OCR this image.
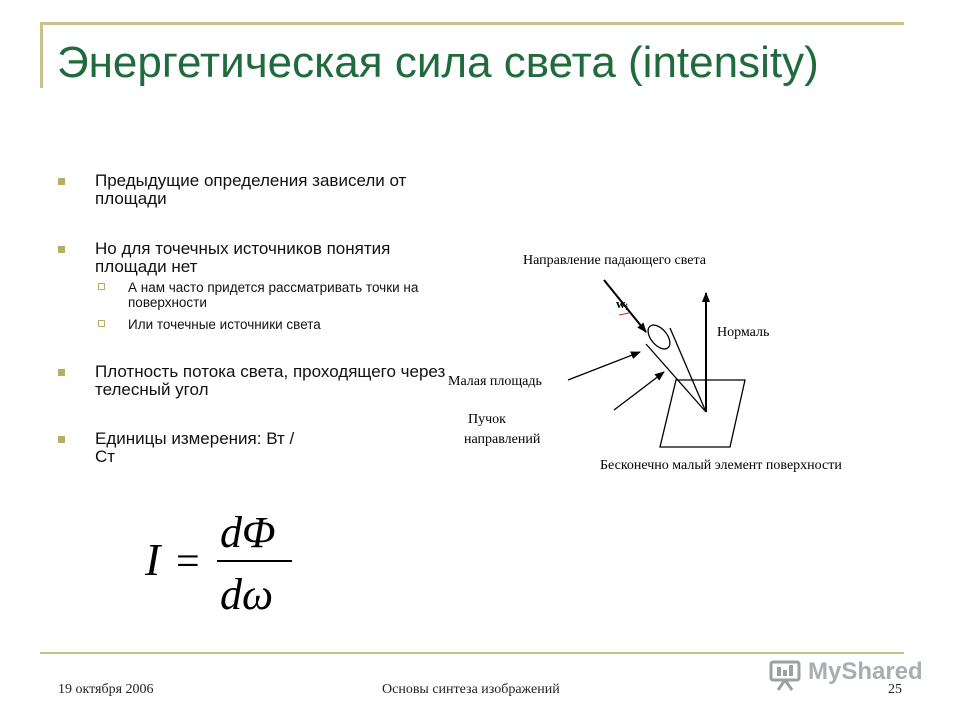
Энергетическая сила света (intensity)
Предыдущие определения зависели от площади
Но для точечных источников понятия площади нет
А нам часто придется рассматривать точки на поверхности
Или точечные источники света
Плотность потока света, проходящего через телесный угол
Единицы измерения: Вт / Ст
I =
dΦ
dω
Направление падающего света
w
Нормаль
Малая площадь
Пучок
направлений
Бесконечно малый элемент поверхности
19 октября 2006	Основы синтеза изображений	25
MyShared
